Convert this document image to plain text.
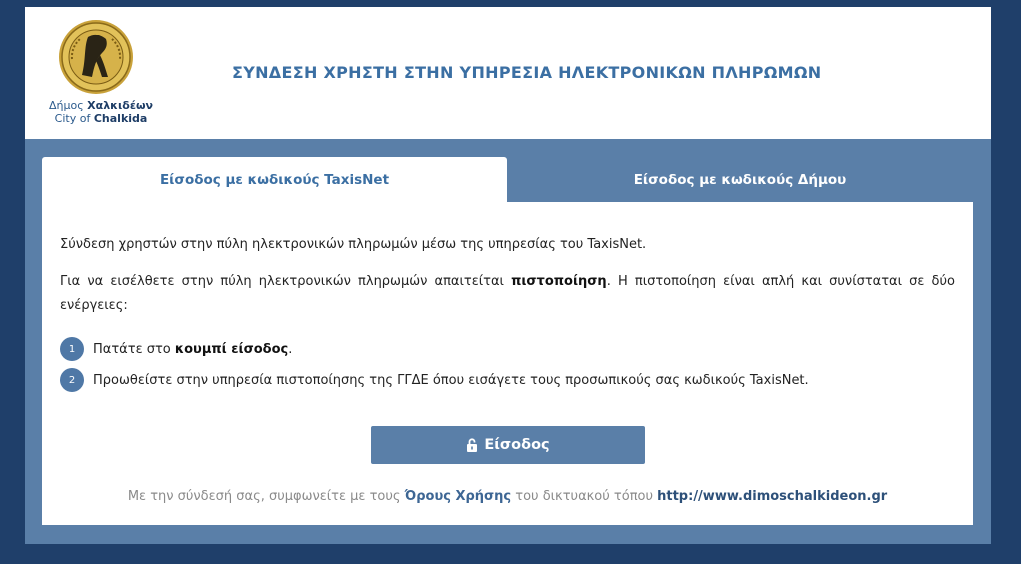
Δήμος Χαλκιδέων
City of Chalkida
ΣΥΝΔΕΣΗ ΧΡΗΣΤΗ ΣΤΗΝ ΥΠΗΡΕΣΙΑ ΗΛΕΚΤΡΟΝΙΚΩΝ ΠΛΗΡΩΜΩΝ
Είσοδος με κωδικούς TaxisNet	Είσοδος με κωδικούς Δήμου
Σύνδεση χρηστών στην πύλη ηλεκτρονικών πληρωμών μέσω της υπηρεσίας του TaxisNet.
Για να εισέλθετε στην πύλη ηλεκτρονικών πληρωμών απαιτείται πιστοποίηση. Η πιστοποίηση είναι απλή και συνίσταται σε δύο ενέργειες:
1	Πατάτε στο κουμπί είσοδος.
2	Προωθείστε στην υπηρεσία πιστοποίησης της ΓΓΔΕ όπου εισάγετε τους προσωπικούς σας κωδικούς TaxisNet.
Είσοδος
Με την σύνδεσή σας, συμφωνείτε με τους Όρους Χρήσης του δικτυακού τόπου http://www.dimoschalkideon.gr
